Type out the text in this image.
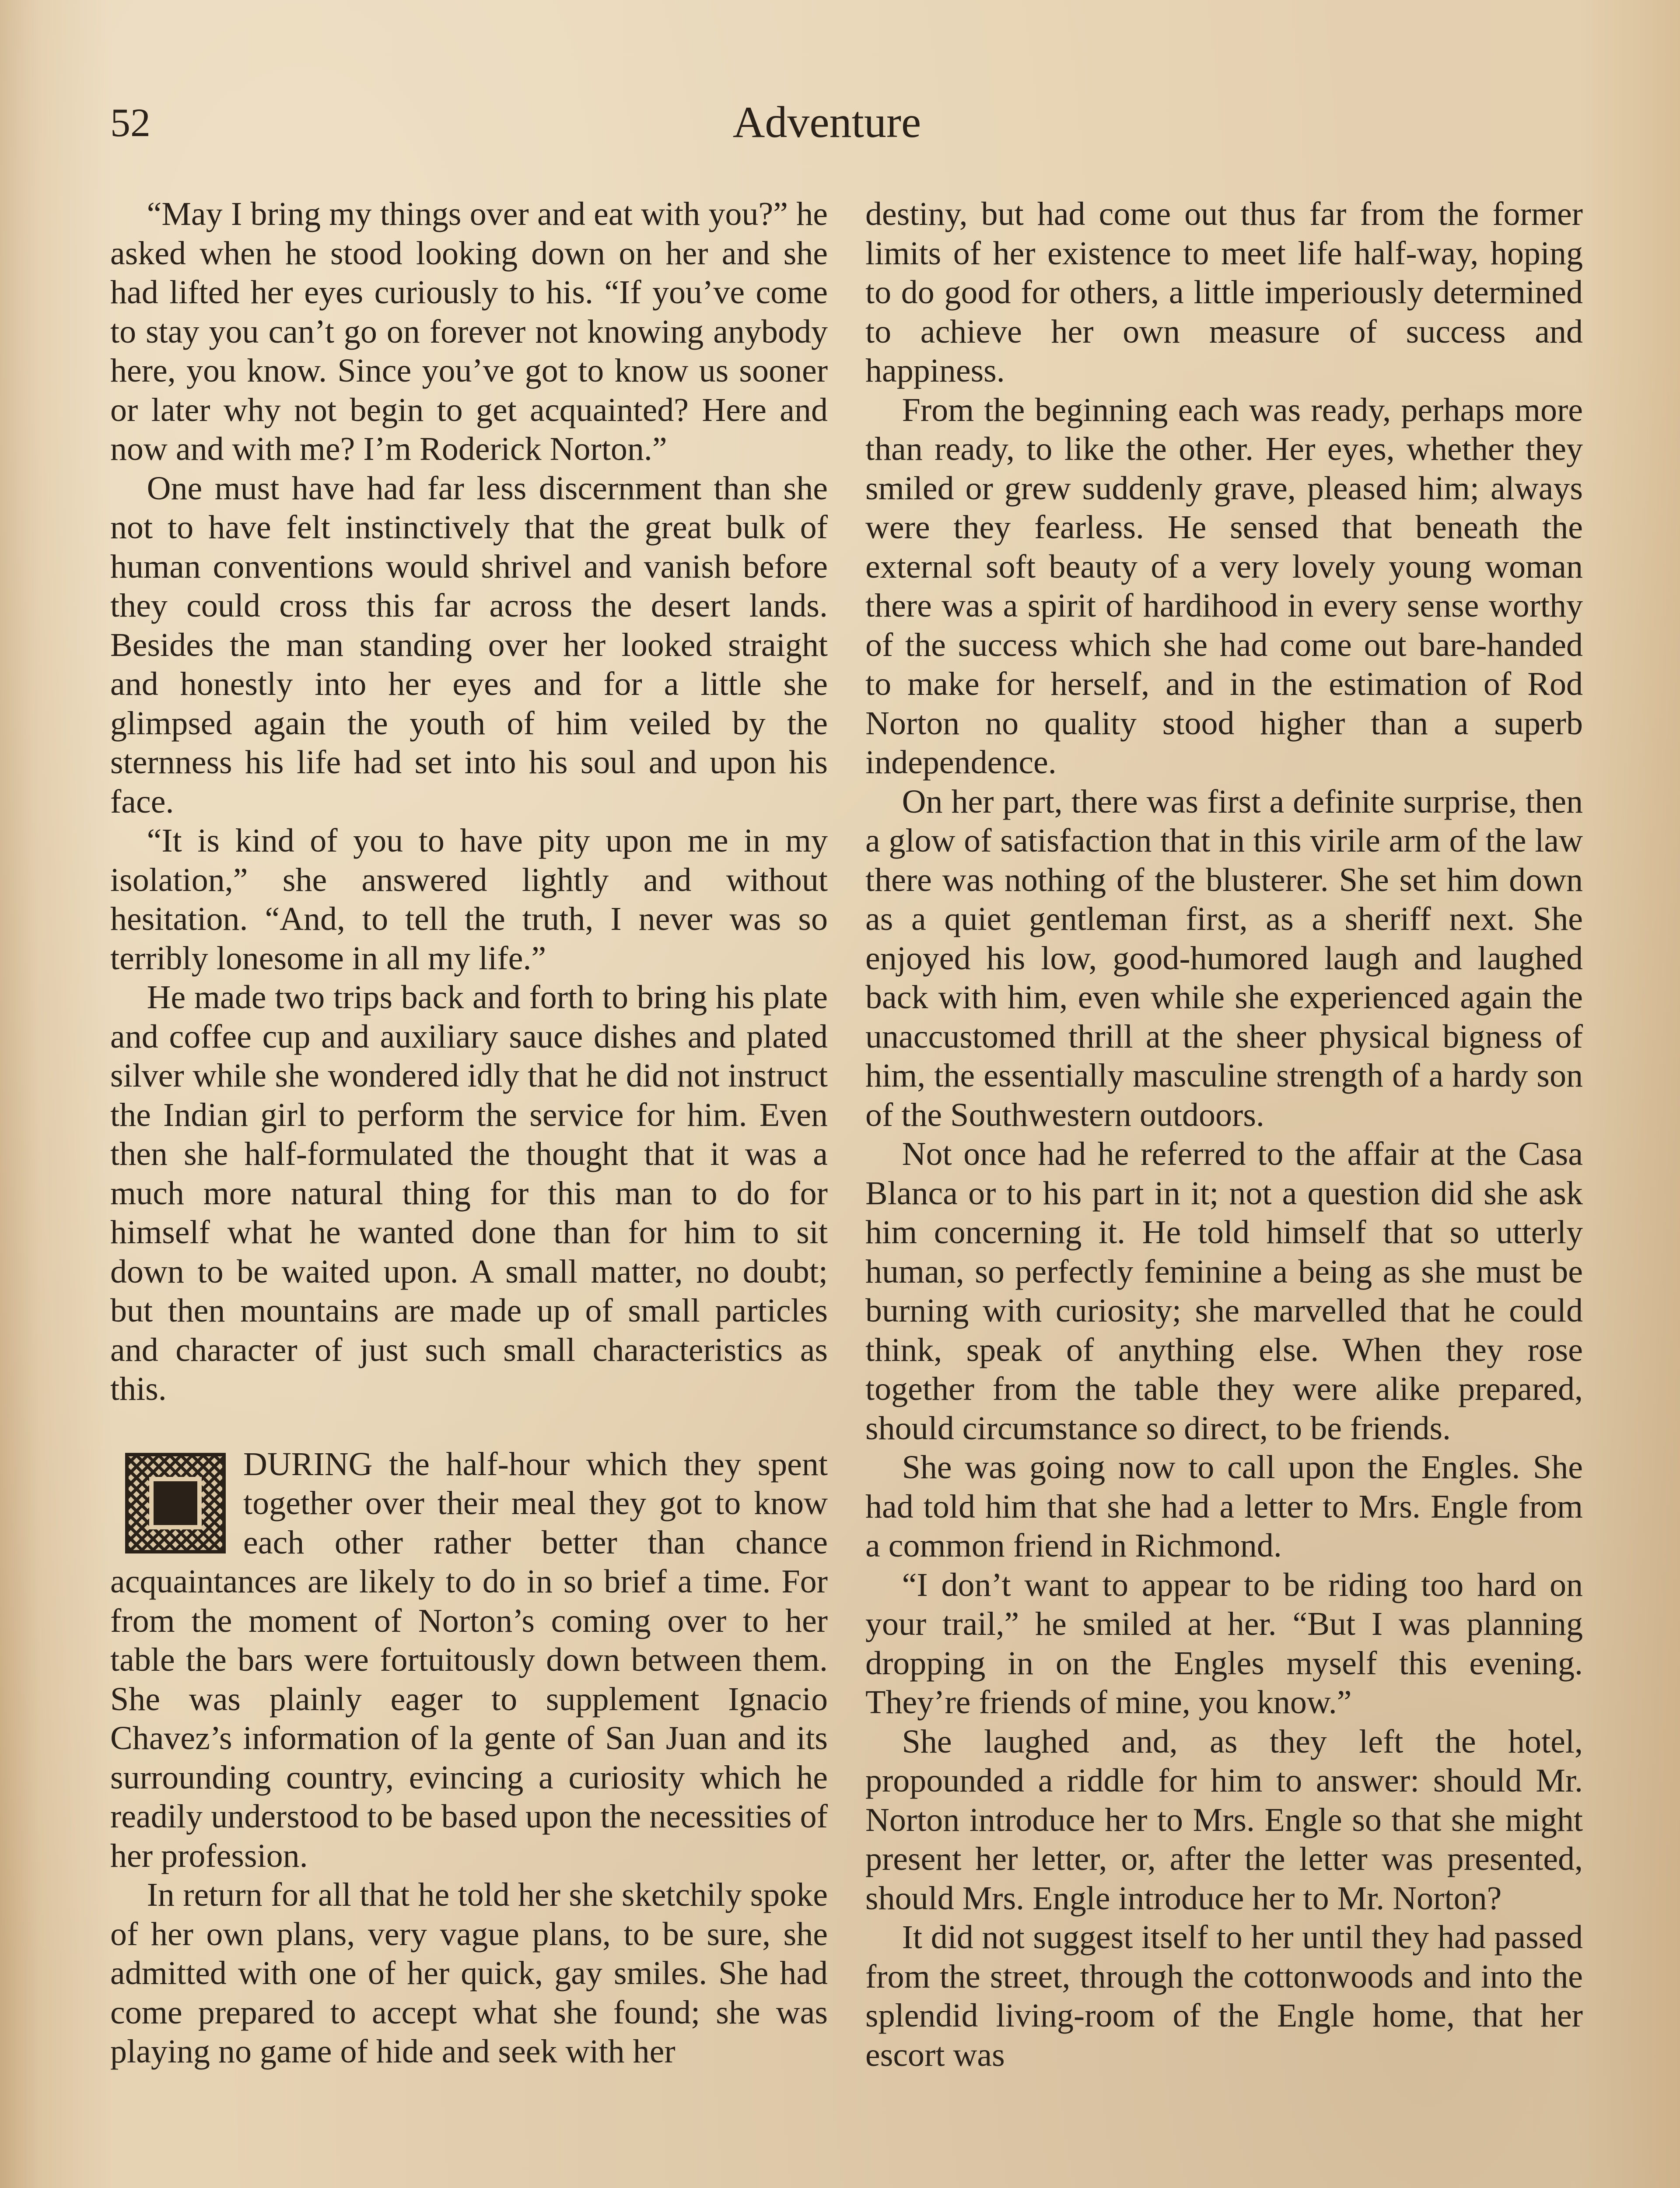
52	Adventure

“May I bring my things over and eat with you?” he asked when he stood looking down on her and she had lifted her eyes curiously to his. “If you’ve come to stay you can’t go on forever not knowing anybody here, you know. Since you’ve got to know us sooner or later why not begin to get acquainted? Here and now and with me? I’m Roderick Norton.”

One must have had far less discernment than she not to have felt instinctively that the great bulk of human conventions would shrivel and vanish before they could cross this far across the desert lands. Besides the man standing over her looked straight and honestly into her eyes and for a little she glimpsed again the youth of him veiled by the sternness his life had set into his soul and upon his face.

“It is kind of you to have pity upon me in my isolation,” she answered lightly and without hesitation. “And, to tell the truth, I never was so terribly lonesome in all my life.”

He made two trips back and forth to bring his plate and coffee cup and auxiliary sauce dishes and plated silver while she wondered idly that he did not instruct the Indian girl to perform the service for him. Even then she half-formulated the thought that it was a much more natural thing for this man to do for himself what he wanted done than for him to sit down to be waited upon. A small matter, no doubt; but then mountains are made up of small particles and character of just such small characteristics as this.

DURING the half-hour which they spent together over their meal they got to know each other rather better than chance acquaintances are likely to do in so brief a time. For from the moment of Norton’s coming over to her table the bars were fortuitously down between them. She was plainly eager to supplement Ignacio Chavez’s information of la gente of San Juan and its surrounding country, evincing a curiosity which he readily understood to be based upon the necessities of her profession.

In return for all that he told her she sketchily spoke of her own plans, very vague plans, to be sure, she admitted with one of her quick, gay smiles. She had come prepared to accept what she found; she was playing no game of hide and seek with her

destiny, but had come out thus far from the former limits of her existence to meet life half-way, hoping to do good for others, a little imperiously determined to achieve her own measure of success and happiness.

From the beginning each was ready, perhaps more than ready, to like the other. Her eyes, whether they smiled or grew suddenly grave, pleased him; always were they fearless. He sensed that beneath the external soft beauty of a very lovely young woman there was a spirit of hardihood in every sense worthy of the success which she had come out bare-handed to make for herself, and in the estimation of Rod Norton no quality stood higher than a superb independence.

On her part, there was first a definite surprise, then a glow of satisfaction that in this virile arm of the law there was nothing of the blusterer. She set him down as a quiet gentleman first, as a sheriff next. She enjoyed his low, good-humored laugh and laughed back with him, even while she experienced again the unaccustomed thrill at the sheer physical bigness of him, the essentially masculine strength of a hardy son of the Southwestern outdoors.

Not once had he referred to the affair at the Casa Blanca or to his part in it; not a question did she ask him concerning it. He told himself that so utterly human, so perfectly feminine a being as she must be burning with curiosity; she marvelled that he could think, speak of anything else. When they rose together from the table they were alike prepared, should circumstance so direct, to be friends.

She was going now to call upon the Engles. She had told him that she had a letter to Mrs. Engle from a common friend in Richmond.

“I don’t want to appear to be riding too hard on your trail,” he smiled at her. “But I was planning dropping in on the Engles myself this evening. They’re friends of mine, you know.”

She laughed and, as they left the hotel, propounded a riddle for him to answer: should Mr. Norton introduce her to Mrs. Engle so that she might present her letter, or, after the letter was presented, should Mrs. Engle introduce her to Mr. Norton?

It did not suggest itself to her until they had passed from the street, through the cottonwoods and into the splendid living-room of the Engle home, that her escort was
